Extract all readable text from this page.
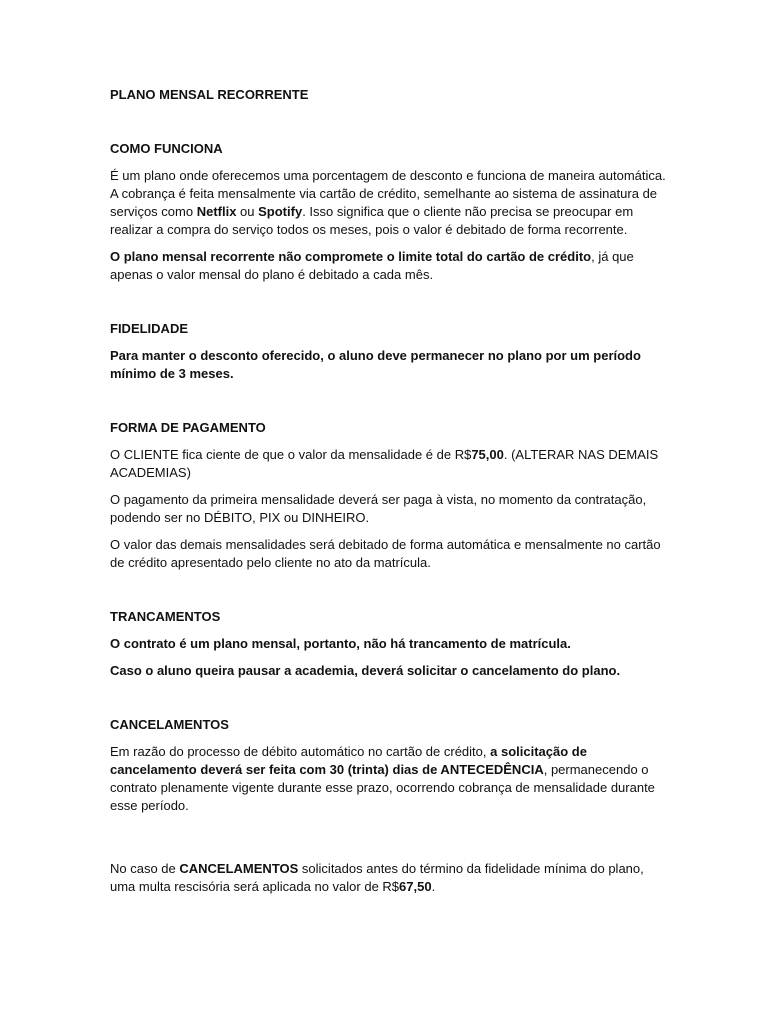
PLANO MENSAL RECORRENTE
COMO FUNCIONA

É um plano onde oferecemos uma porcentagem de desconto e funciona de maneira automática. A cobrança é feita mensalmente via cartão de crédito, semelhante ao sistema de assinatura de serviços como Netflix ou Spotify. Isso significa que o cliente não precisa se preocupar em realizar a compra do serviço todos os meses, pois o valor é debitado de forma recorrente.

O plano mensal recorrente não compromete o limite total do cartão de crédito, já que apenas o valor mensal do plano é debitado a cada mês.

FIDELIDADE

Para manter o desconto oferecido, o aluno deve permanecer no plano por um período mínimo de 3 meses.

FORMA DE PAGAMENTO

O CLIENTE fica ciente de que o valor da mensalidade é de R$75,00. (ALTERAR NAS DEMAIS ACADEMIAS)

O pagamento da primeira mensalidade deverá ser paga à vista, no momento da contratação, podendo ser no DÉBITO, PIX ou DINHEIRO.

O valor das demais mensalidades será debitado de forma automática e mensalmente no cartão de crédito apresentado pelo cliente no ato da matrícula.

TRANCAMENTOS

O contrato é um plano mensal, portanto, não há trancamento de matrícula.

Caso o aluno queira pausar a academia, deverá solicitar o cancelamento do plano.

CANCELAMENTOS

Em razão do processo de débito automático no cartão de crédito, a solicitação de cancelamento deverá ser feita com 30 (trinta) dias de ANTECEDÊNCIA, permanecendo o contrato plenamente vigente durante esse prazo, ocorrendo cobrança de mensalidade durante esse período.

No caso de CANCELAMENTOS solicitados antes do término da fidelidade mínima do plano, uma multa rescisória será aplicada no valor de R$67,50.
